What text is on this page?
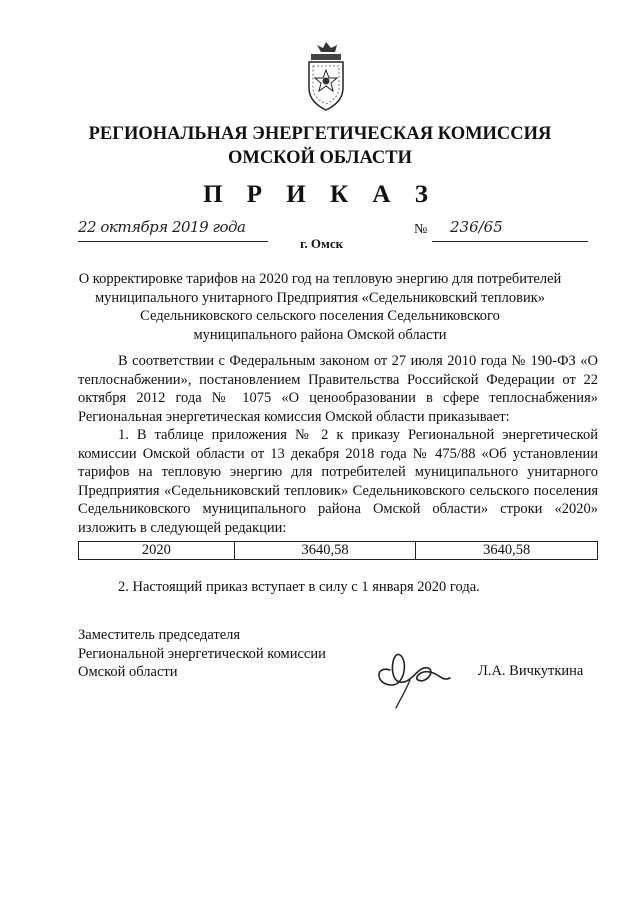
РЕГИОНАЛЬНАЯ ЭНЕРГЕТИЧЕСКАЯ КОМИССИЯ
ОМСКОЙ ОБЛАСТИ
П Р И К А З
22 октября 2019 года
г. Омск
№ 236/65
О корректировке тарифов на 2020 год на тепловую энергию для потребителей
муниципального унитарного Предприятия «Седельниковский тепловик»
Седельниковского сельского поселения Седельниковского
муниципального района Омской области

В соответствии с Федеральным законом от 27 июля 2010 года № 190-ФЗ «О теплоснабжении», постановлением Правительства Российской Федерации от 22 октября 2012 года № 1075 «О ценообразовании в сфере теплоснабжения» Региональная энергетическая комиссия Омской области приказывает:

1. В таблице приложения № 2 к приказу Региональной энергетической комиссии Омской области от 13 декабря 2018 года № 475/88 «Об установлении тарифов на тепловую энергию для потребителей муниципального унитарного Предприятия «Седельниковский тепловик» Седельниковского сельского поселения Седельниковского муниципального района Омской области» строки «2020» изложить в следующей редакции:

2020	3640,58	3640,58

2. Настоящий приказ вступает в силу с 1 января 2020 года.

Заместитель председателя
Региональной энергетической комиссии
Омской области	Л.А. Вичкуткина
